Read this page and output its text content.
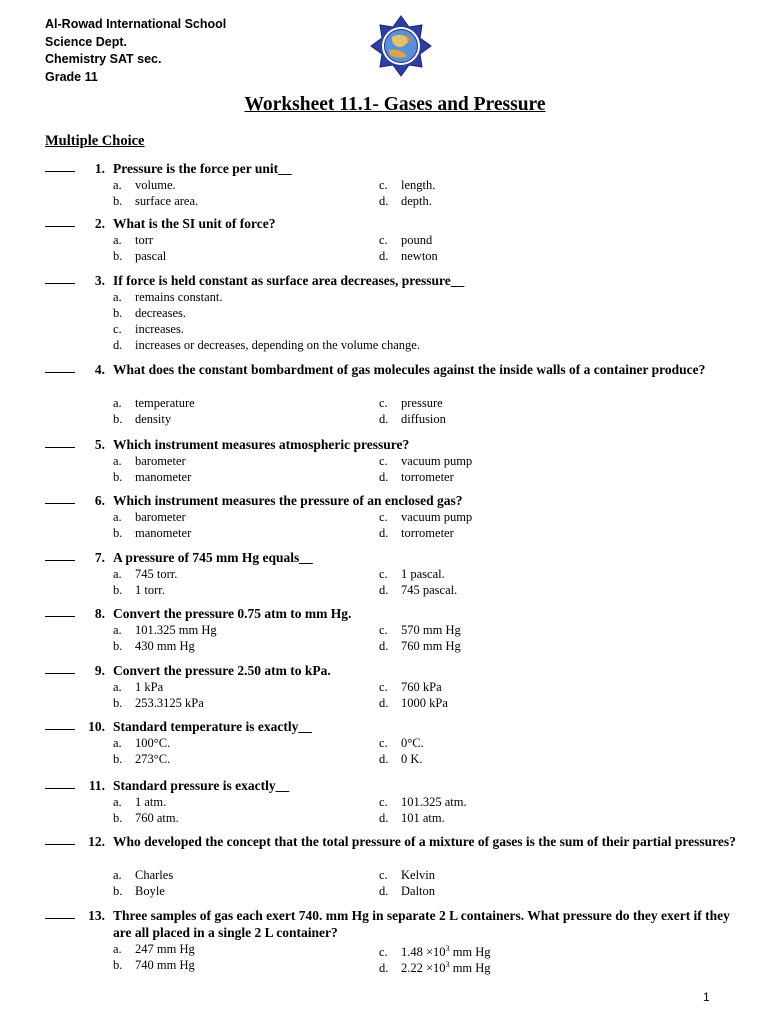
Al-Rowad International School
Science Dept.
Chemistry SAT sec.
Grade 11
Worksheet 11.1- Gases and Pressure
Multiple Choice
1. Pressure is the force per unit__
a. volume.
b. surface area.
c. length.
d. depth.
2. What is the SI unit of force?
a. torr
b. pascal
c. pound
d. newton
3. If force is held constant as surface area decreases, pressure__
a. remains constant.
b. decreases.
c. increases.
d. increases or decreases, depending on the volume change.
4. What does the constant bombardment of gas molecules against the inside walls of a container produce?
a. temperature
b. density
c. pressure
d. diffusion
5. Which instrument measures atmospheric pressure?
a. barometer
b. manometer
c. vacuum pump
d. torrometer
6. Which instrument measures the pressure of an enclosed gas?
a. barometer
b. manometer
c. vacuum pump
d. torrometer
7. A pressure of 745 mm Hg equals__
a. 745 torr.
b. 1 torr.
c. 1 pascal.
d. 745 pascal.
8. Convert the pressure 0.75 atm to mm Hg.
a. 101.325 mm Hg
b. 430 mm Hg
c. 570 mm Hg
d. 760 mm Hg
9. Convert the pressure 2.50 atm to kPa.
a. 1 kPa
b. 253.3125 kPa
c. 760 kPa
d. 1000 kPa
10. Standard temperature is exactly__
a. 100°C.
b. 273°C.
c. 0°C.
d. 0 K.
11. Standard pressure is exactly__
a. 1 atm.
b. 760 atm.
c. 101.325 atm.
d. 101 atm.
12. Who developed the concept that the total pressure of a mixture of gases is the sum of their partial pressures?
a. Charles
b. Boyle
c. Kelvin
d. Dalton
13. Three samples of gas each exert 740. mm Hg in separate 2 L containers. What pressure do they exert if they are all placed in a single 2 L container?
a. 247 mm Hg
b. 740 mm Hg
c. $1.48 \times 10^3$ mm Hg
d. $2.22 \times 10^3$ mm Hg
1
